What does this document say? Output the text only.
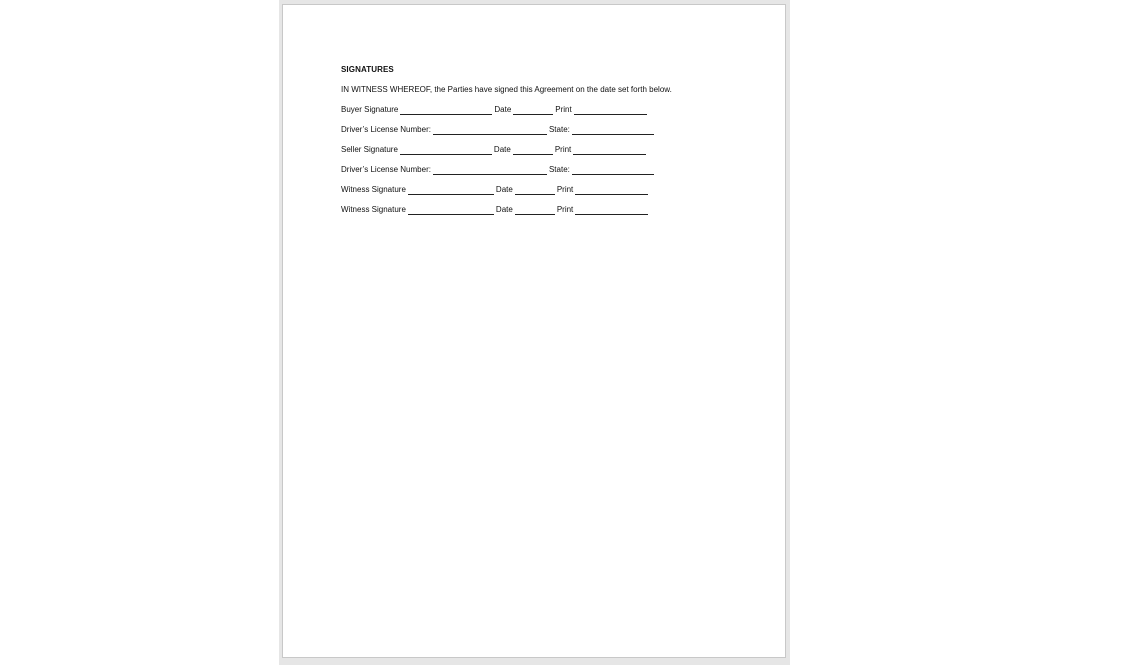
SIGNATURES
IN WITNESS WHEREOF, the Parties have signed this Agreement on the date set forth below.
Buyer Signature	Date	Print
Driver’s License Number:	State:
Seller Signature	Date	Print
Driver’s License Number:	State:
Witness Signature	Date	Print
Witness Signature	Date	Print
